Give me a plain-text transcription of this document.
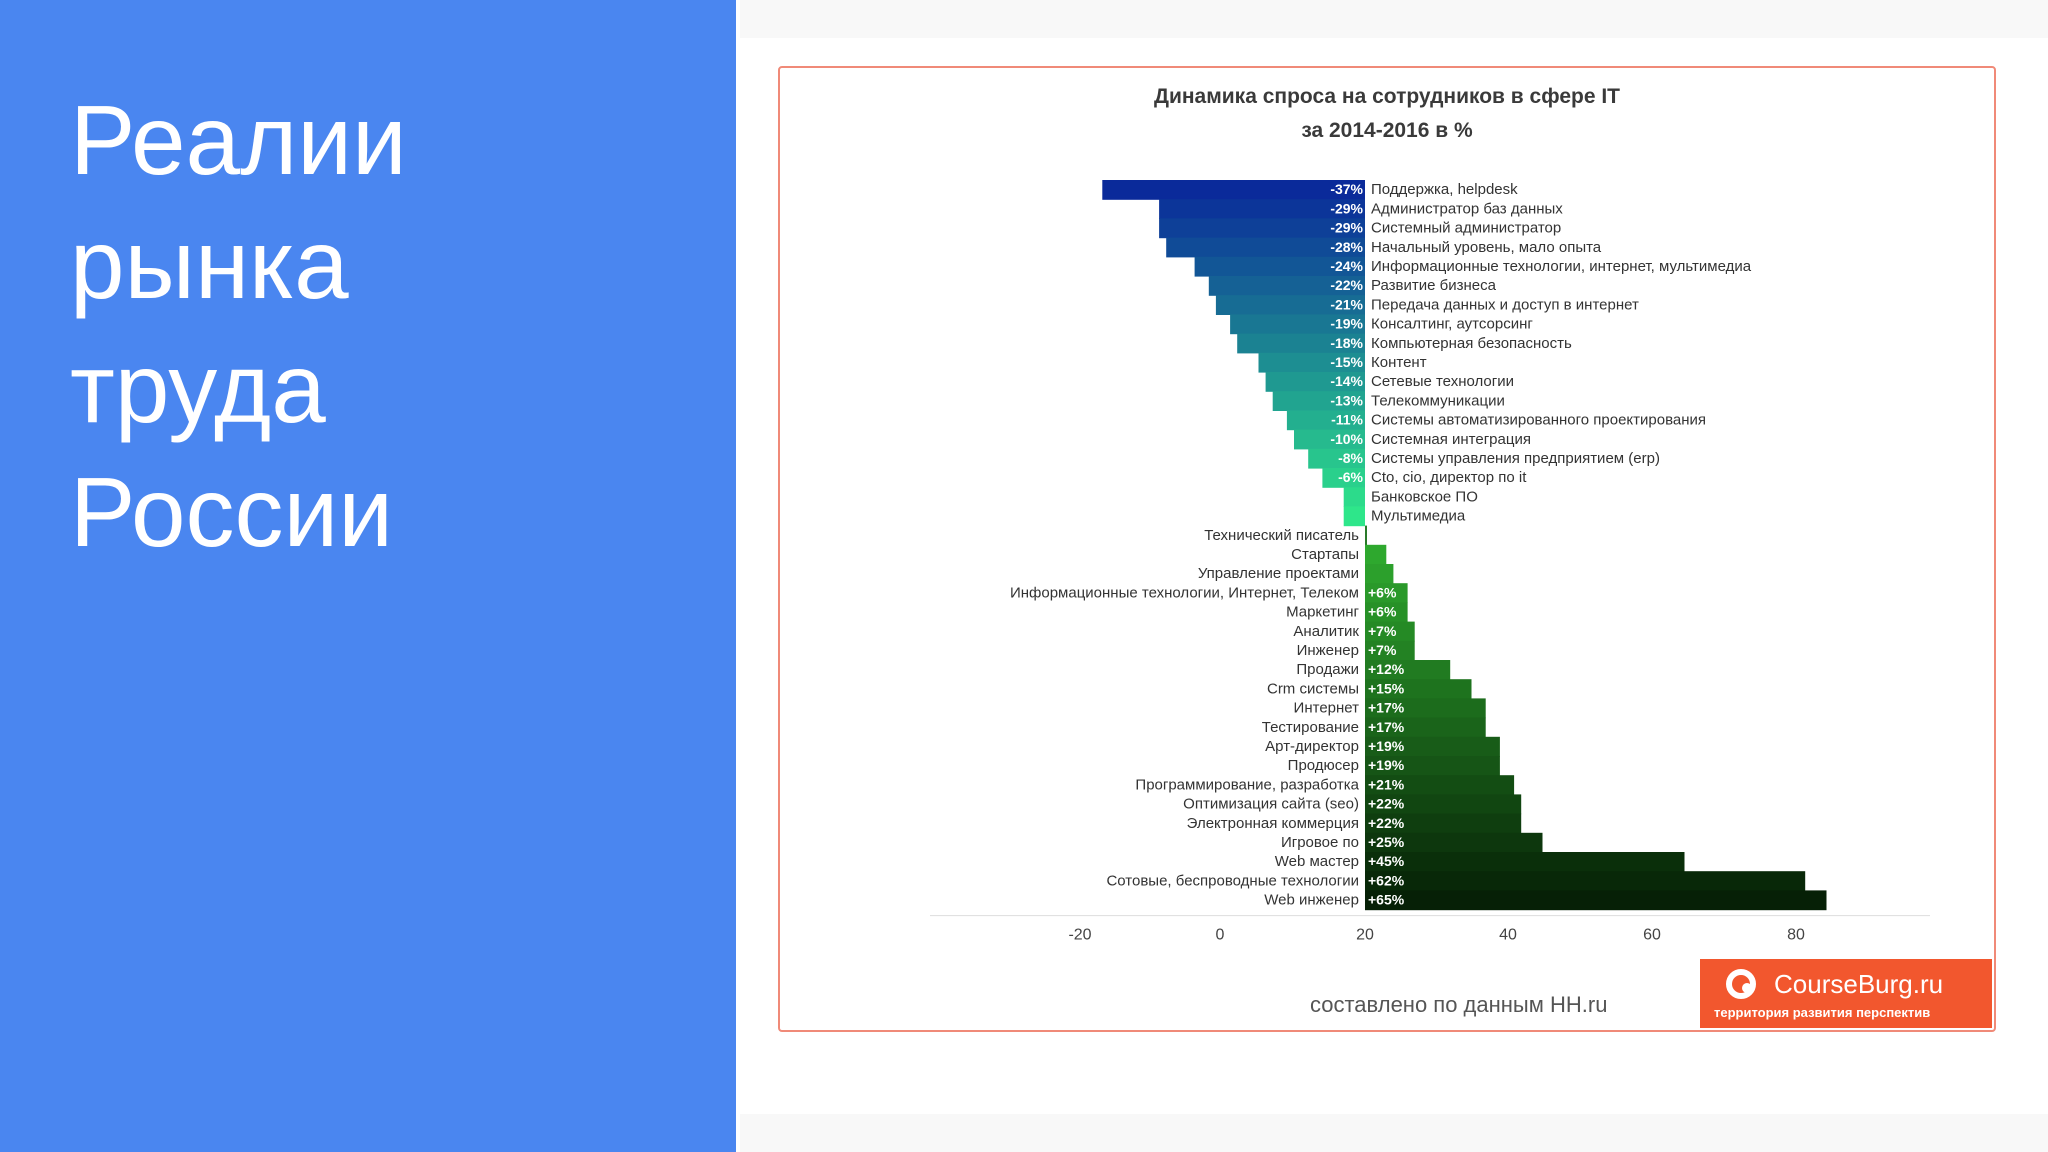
Реалии
рынка
труда
России
Динамика спроса на сотрудников в сфере IT
за 2014-2016 в %
Поддержка, helpdesk
-37%
Администратор баз данных
-29%
Системный администратор
-29%
Начальный уровень, мало опыта
-28%
Информационные технологии, интернет, мультимедиа
-24%
Развитие бизнеса
-22%
Передача данных и доступ в интернет
-21%
Консалтинг, аутсорсинг
-19%
Компьютерная безопасность
-18%
Контент
-15%
Сетевые технологии
-14%
Телекоммуникации
-13%
Системы автоматизированного проектирования
-11%
Системная интеграция
-10%
Системы управления предприятием (erp)
-8%
Cto, cio, директор по it
-6%
Банковское ПО
Мультимедиа
Технический писатель
Стартапы
Управление проектами
Информационные технологии, Интернет, Телеком +6%
Маркетинг +6%
Аналитик +7%
Инженер +7%
Продажи +12%
Crm системы +15%
Интернет +17%
Тестирование +17%
Арт-директор +19%
Продюсер +19%
Программирование, разработка +21%
Оптимизация сайта (seo) +22%
Электронная коммерция +22%
Игровое по +25%
Web мастер +45%
Сотовые, беспроводные технологии +62%
Web инженер +65%
-20	0	20	40	60	80
составлено по данным HH.ru
CourseBurg.ru
территория развития перспектив
